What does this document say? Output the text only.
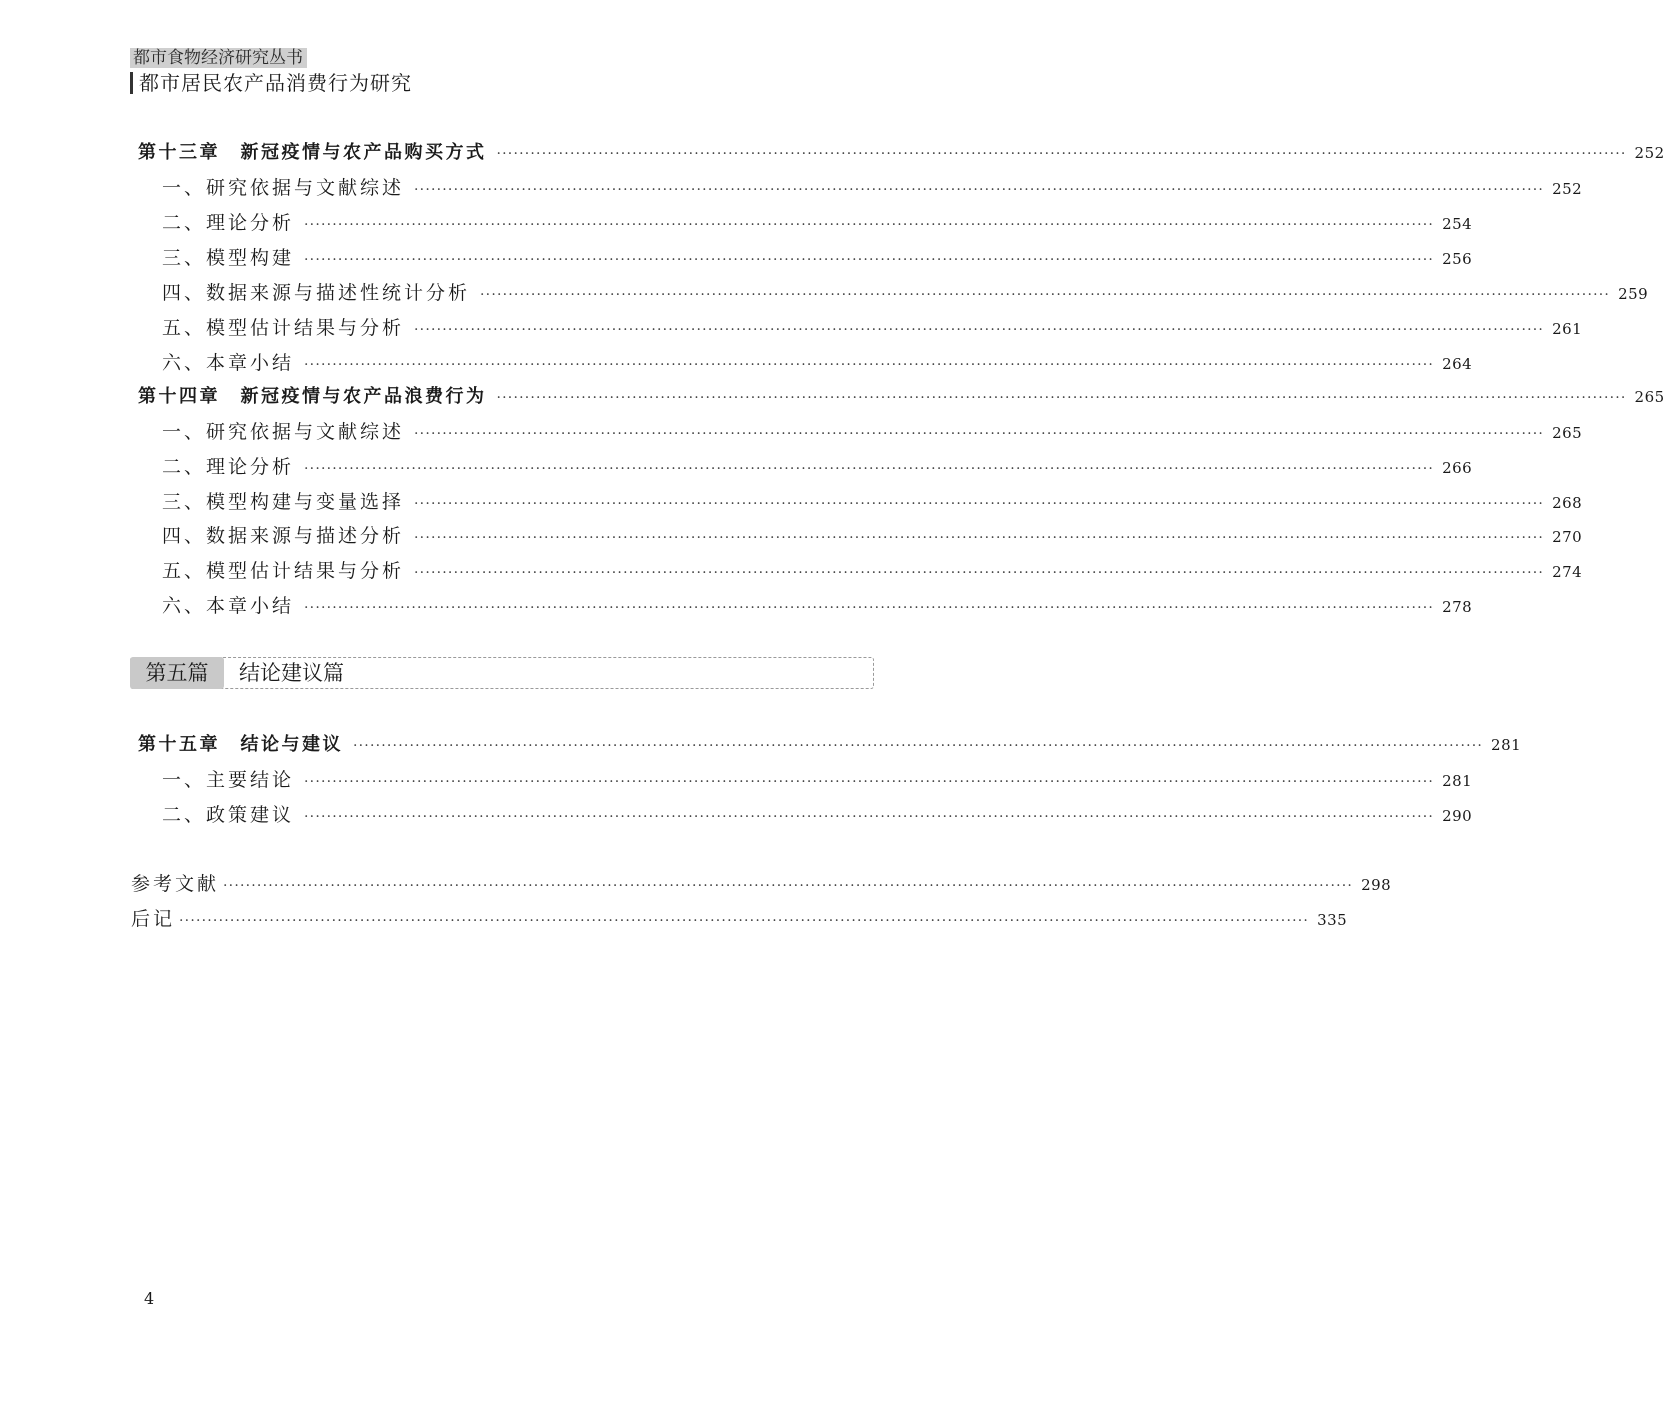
都市食物经济研究丛书
都市居民农产品消费行为研究
第十三章　新冠疫情与农产品购买方式 ········································································································································································································ 252
一、研究依据与文献综述 ········································································································································································································ 252
二、理论分析 ········································································································································································································ 254
三、模型构建 ········································································································································································································ 256
四、数据来源与描述性统计分析 ········································································································································································································ 259
五、模型估计结果与分析 ········································································································································································································ 261
六、本章小结 ········································································································································································································ 264
第十四章　新冠疫情与农产品浪费行为 ········································································································································································································ 265
一、研究依据与文献综述 ········································································································································································································ 265
二、理论分析 ········································································································································································································ 266
三、模型构建与变量选择 ········································································································································································································ 268
四、数据来源与描述分析 ········································································································································································································ 270
五、模型估计结果与分析 ········································································································································································································ 274
六、本章小结 ········································································································································································································ 278
第五篇	结论建议篇
第十五章　结论与建议 ········································································································································································································ 281
一、主要结论 ········································································································································································································ 281
二、政策建议 ········································································································································································································ 290
参考文献 ········································································································································································································ 298
后记 ········································································································································································································ 335
4
